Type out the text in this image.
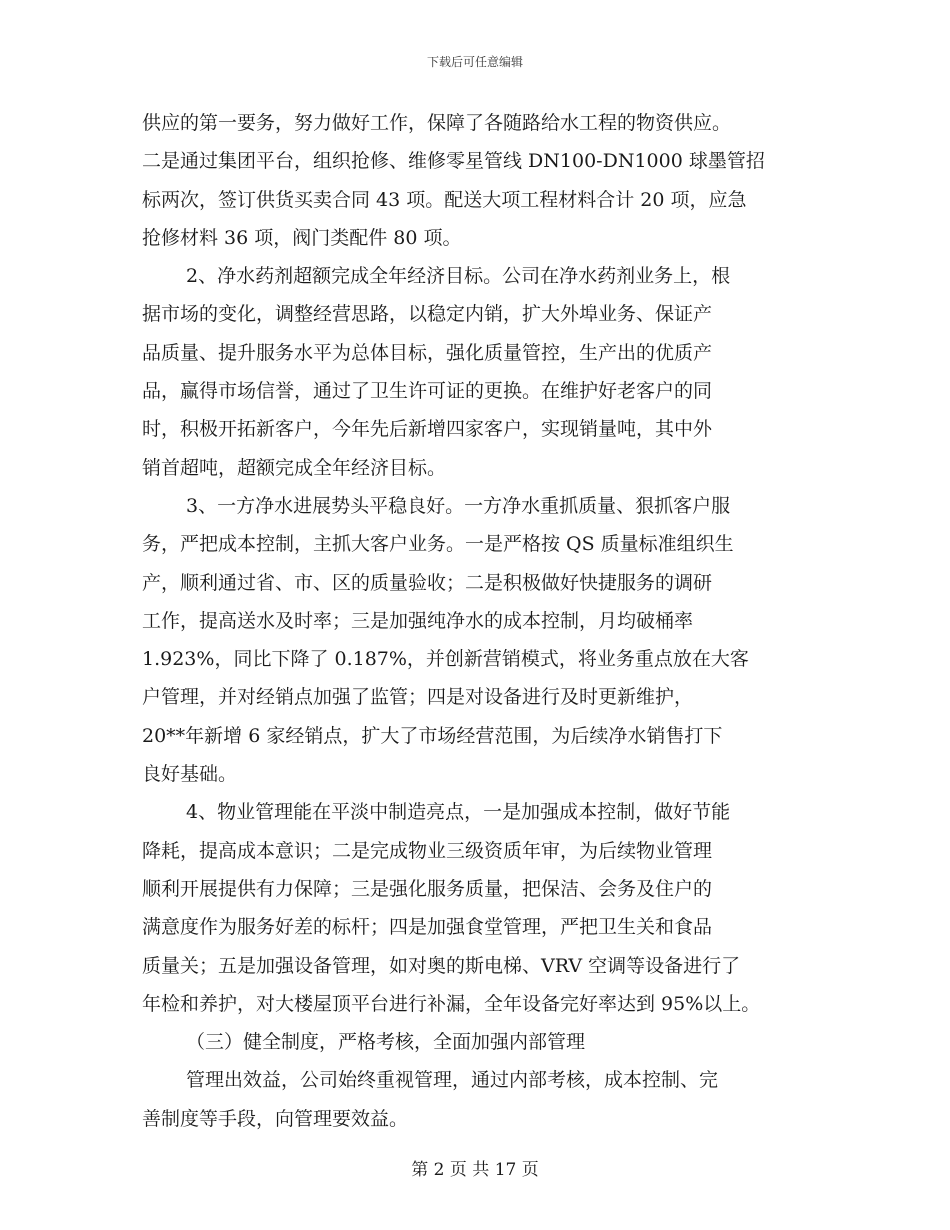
下载后可任意编辑
供应的第一要务，努力做好工作，保障了各随路给水工程的物资供应。
二是通过集团平台，组织抢修、维修零星管线 DN100-DN1000 球墨管招
标两次，签订供货买卖合同 43 项。配送大项工程材料合计 20 项，应急
抢修材料 36 项，阀门类配件 80 项。
2、净水药剂超额完成全年经济目标。公司在净水药剂业务上，根
据市场的变化，调整经营思路，以稳定内销，扩大外埠业务、保证产
品质量、提升服务水平为总体目标，强化质量管控，生产出的优质产
品，赢得市场信誉，通过了卫生许可证的更换。在维护好老客户的同
时，积极开拓新客户，今年先后新增四家客户，实现销量吨，其中外
销首超吨，超额完成全年经济目标。
3、一方净水进展势头平稳良好。一方净水重抓质量、狠抓客户服
务，严把成本控制，主抓大客户业务。一是严格按 QS 质量标准组织生
产，顺利通过省、市、区的质量验收；二是积极做好快捷服务的调研
工作，提高送水及时率；三是加强纯净水的成本控制，月均破桶率
1.923%，同比下降了 0.187%，并创新营销模式，将业务重点放在大客
户管理，并对经销点加强了监管；四是对设备进行及时更新维护，
20**年新增 6 家经销点，扩大了市场经营范围，为后续净水销售打下
良好基础。
4、物业管理能在平淡中制造亮点，一是加强成本控制，做好节能
降耗，提高成本意识；二是完成物业三级资质年审，为后续物业管理
顺利开展提供有力保障；三是强化服务质量，把保洁、会务及住户的
满意度作为服务好差的标杆；四是加强食堂管理，严把卫生关和食品
质量关；五是加强设备管理，如对奥的斯电梯、VRV 空调等设备进行了
年检和养护，对大楼屋顶平台进行补漏，全年设备完好率达到 95%以上。
（三）健全制度，严格考核，全面加强内部管理
管理出效益，公司始终重视管理，通过内部考核，成本控制、完
善制度等手段，向管理要效益。
第 2 页 共 17 页
